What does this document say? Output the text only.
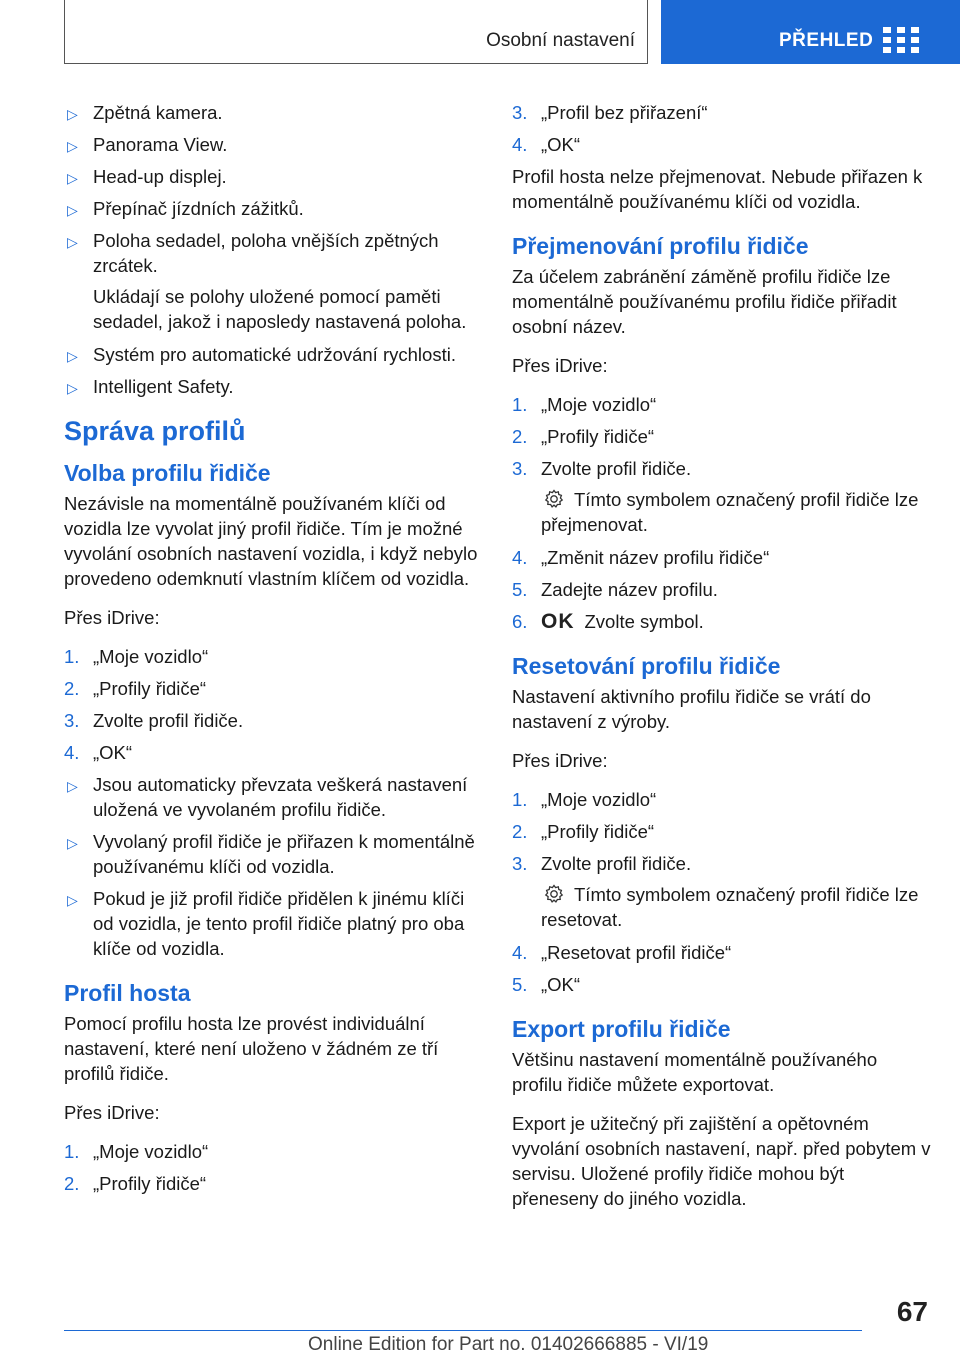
Osobní nastavení	PŘEHLED
▷ Zpětná kamera.
▷ Panorama View.
▷ Head-up displej.
▷ Přepínač jízdních zážitků.
▷ Poloha sedadel, poloha vnějších zpětných zrcátek.
Ukládají se polohy uložené pomocí paměti sedadel, jakož i naposledy nastavená poloha.
▷ Systém pro automatické udržování rychlosti.
▷ Intelligent Safety.
Správa profilů
Volba profilu řidiče

Nezávisle na momentálně používaném klíči od vozidla lze vyvolat jiný profil řidiče. Tím je možné vyvolání osobních nastavení vozidla, i když nebylo provedeno odemknutí vlastním klíčem od vozidla.

Přes iDrive:

1. „Moje vozidlo“
2. „Profily řidiče“
3. Zvolte profil řidiče.
4. „OK“
▷ Jsou automaticky převzata veškerá nastavení uložená ve vyvolaném profilu řidiče.
▷ Vyvolaný profil řidiče je přiřazen k momentálně používanému klíči od vozidla.
▷ Pokud je již profil řidiče přidělen k jinému klíči od vozidla, je tento profil řidiče platný pro oba klíče od vozidla.
Profil hosta

Pomocí profilu hosta lze provést individuální nastavení, které není uloženo v žádném ze tří profilů řidiče.

Přes iDrive:

1. „Moje vozidlo“
2. „Profily řidiče“
3. „Profil bez přiřazení“
4. „OK“

Profil hosta nelze přejmenovat. Nebude přiřazen k momentálně používanému klíči od vozidla.

Přejmenování profilu řidiče

Za účelem zabránění záměně profilu řidiče lze momentálně používanému profilu řidiče přiřadit osobní název.

Přes iDrive:

1. „Moje vozidlo“
2. „Profily řidiče“
3. Zvolte profil řidiče.
Tímto symbolem označený profil řidiče lze přejmenovat.
4. „Změnit název profilu řidiče“
5. Zadejte název profilu.
6. OK Zvolte symbol.
Resetování profilu řidiče

Nastavení aktivního profilu řidiče se vrátí do nastavení z výroby.

Přes iDrive:

1. „Moje vozidlo“
2. „Profily řidiče“
3. Zvolte profil řidiče.
Tímto symbolem označený profil řidiče lze resetovat.
4. „Resetovat profil řidiče“
5. „OK“
Export profilu řidiče

Většinu nastavení momentálně používaného profilu řidiče můžete exportovat.

Export je užitečný při zajištění a opětovném vyvolání osobních nastavení, např. před pobytem v servisu. Uložené profily řidiče mohou být přeneseny do jiného vozidla.

67
Online Edition for Part no. 01402666885 - VI/19
